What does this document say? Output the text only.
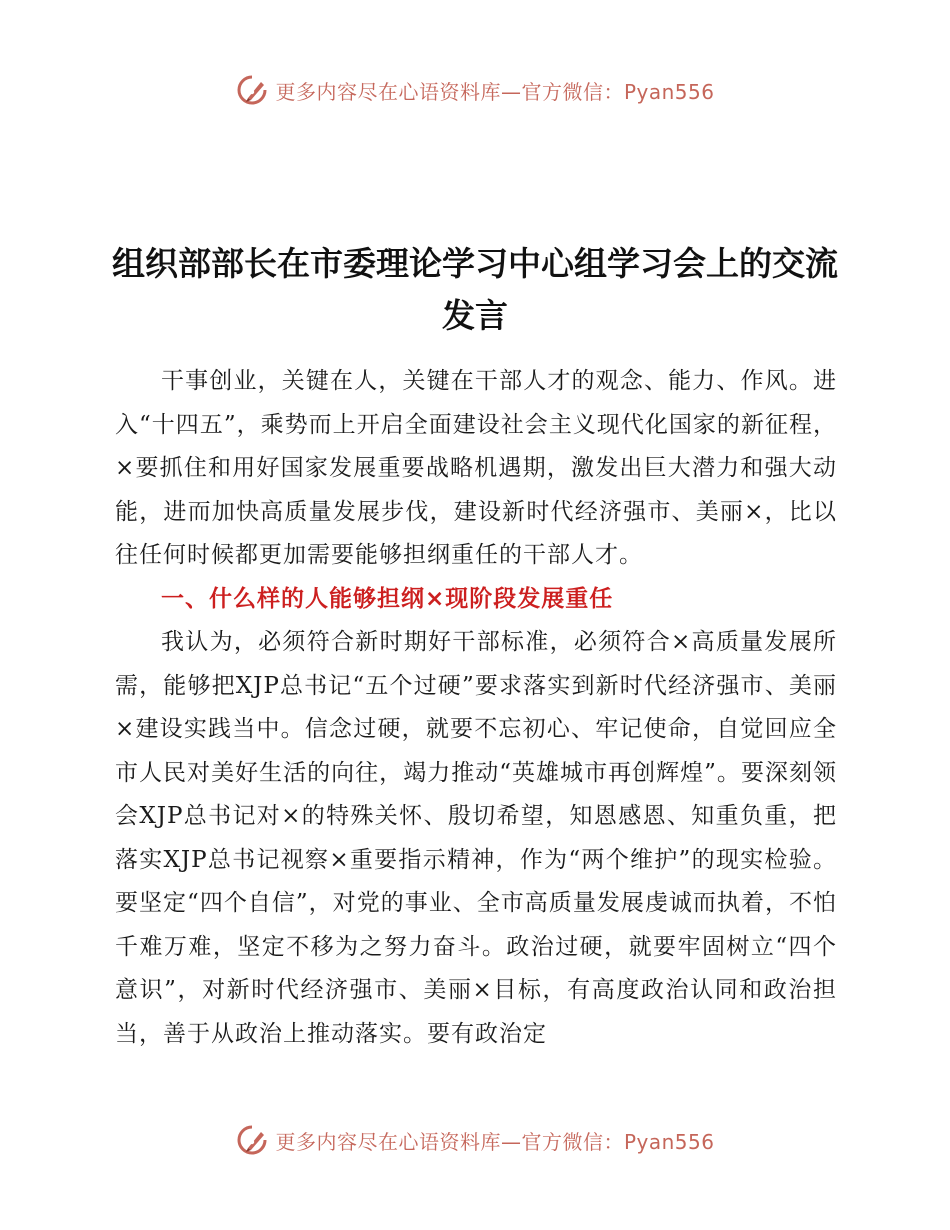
更多内容尽在心语资料库—官方微信：Pyan556
组织部部长在市委理论学习中心组学习会上的交流发言

干事创业，关键在人，关键在干部人才的观念、能力、作风。进入“十四五”，乘势而上开启全面建设社会主义现代化国家的新征程，×要抓住和用好国家发展重要战略机遇期，激发出巨大潜力和强大动能，进而加快高质量发展步伐，建设新时代经济强市、美丽×，比以往任何时候都更加需要能够担纲重任的干部人才。

一、什么样的人能够担纲×现阶段发展重任

我认为，必须符合新时期好干部标准，必须符合×高质量发展所需，能够把XJP总书记“五个过硬”要求落实到新时代经济强市、美丽×建设实践当中。信念过硬，就要不忘初心、牢记使命，自觉回应全市人民对美好生活的向往，竭力推动“英雄城市再创辉煌”。要深刻领会XJP总书记对×的特殊关怀、殷切希望，知恩感恩、知重负重，把落实XJP总书记视察×重要指示精神，作为“两个维护”的现实检验。要坚定“四个自信”，对党的事业、全市高质量发展虔诚而执着，不怕千难万难，坚定不移为之努力奋斗。政治过硬，就要牢固树立“四个意识”，对新时代经济强市、美丽×目标，有高度政治认同和政治担当，善于从政治上推动落实。要有政治定

更多内容尽在心语资料库—官方微信：Pyan556
